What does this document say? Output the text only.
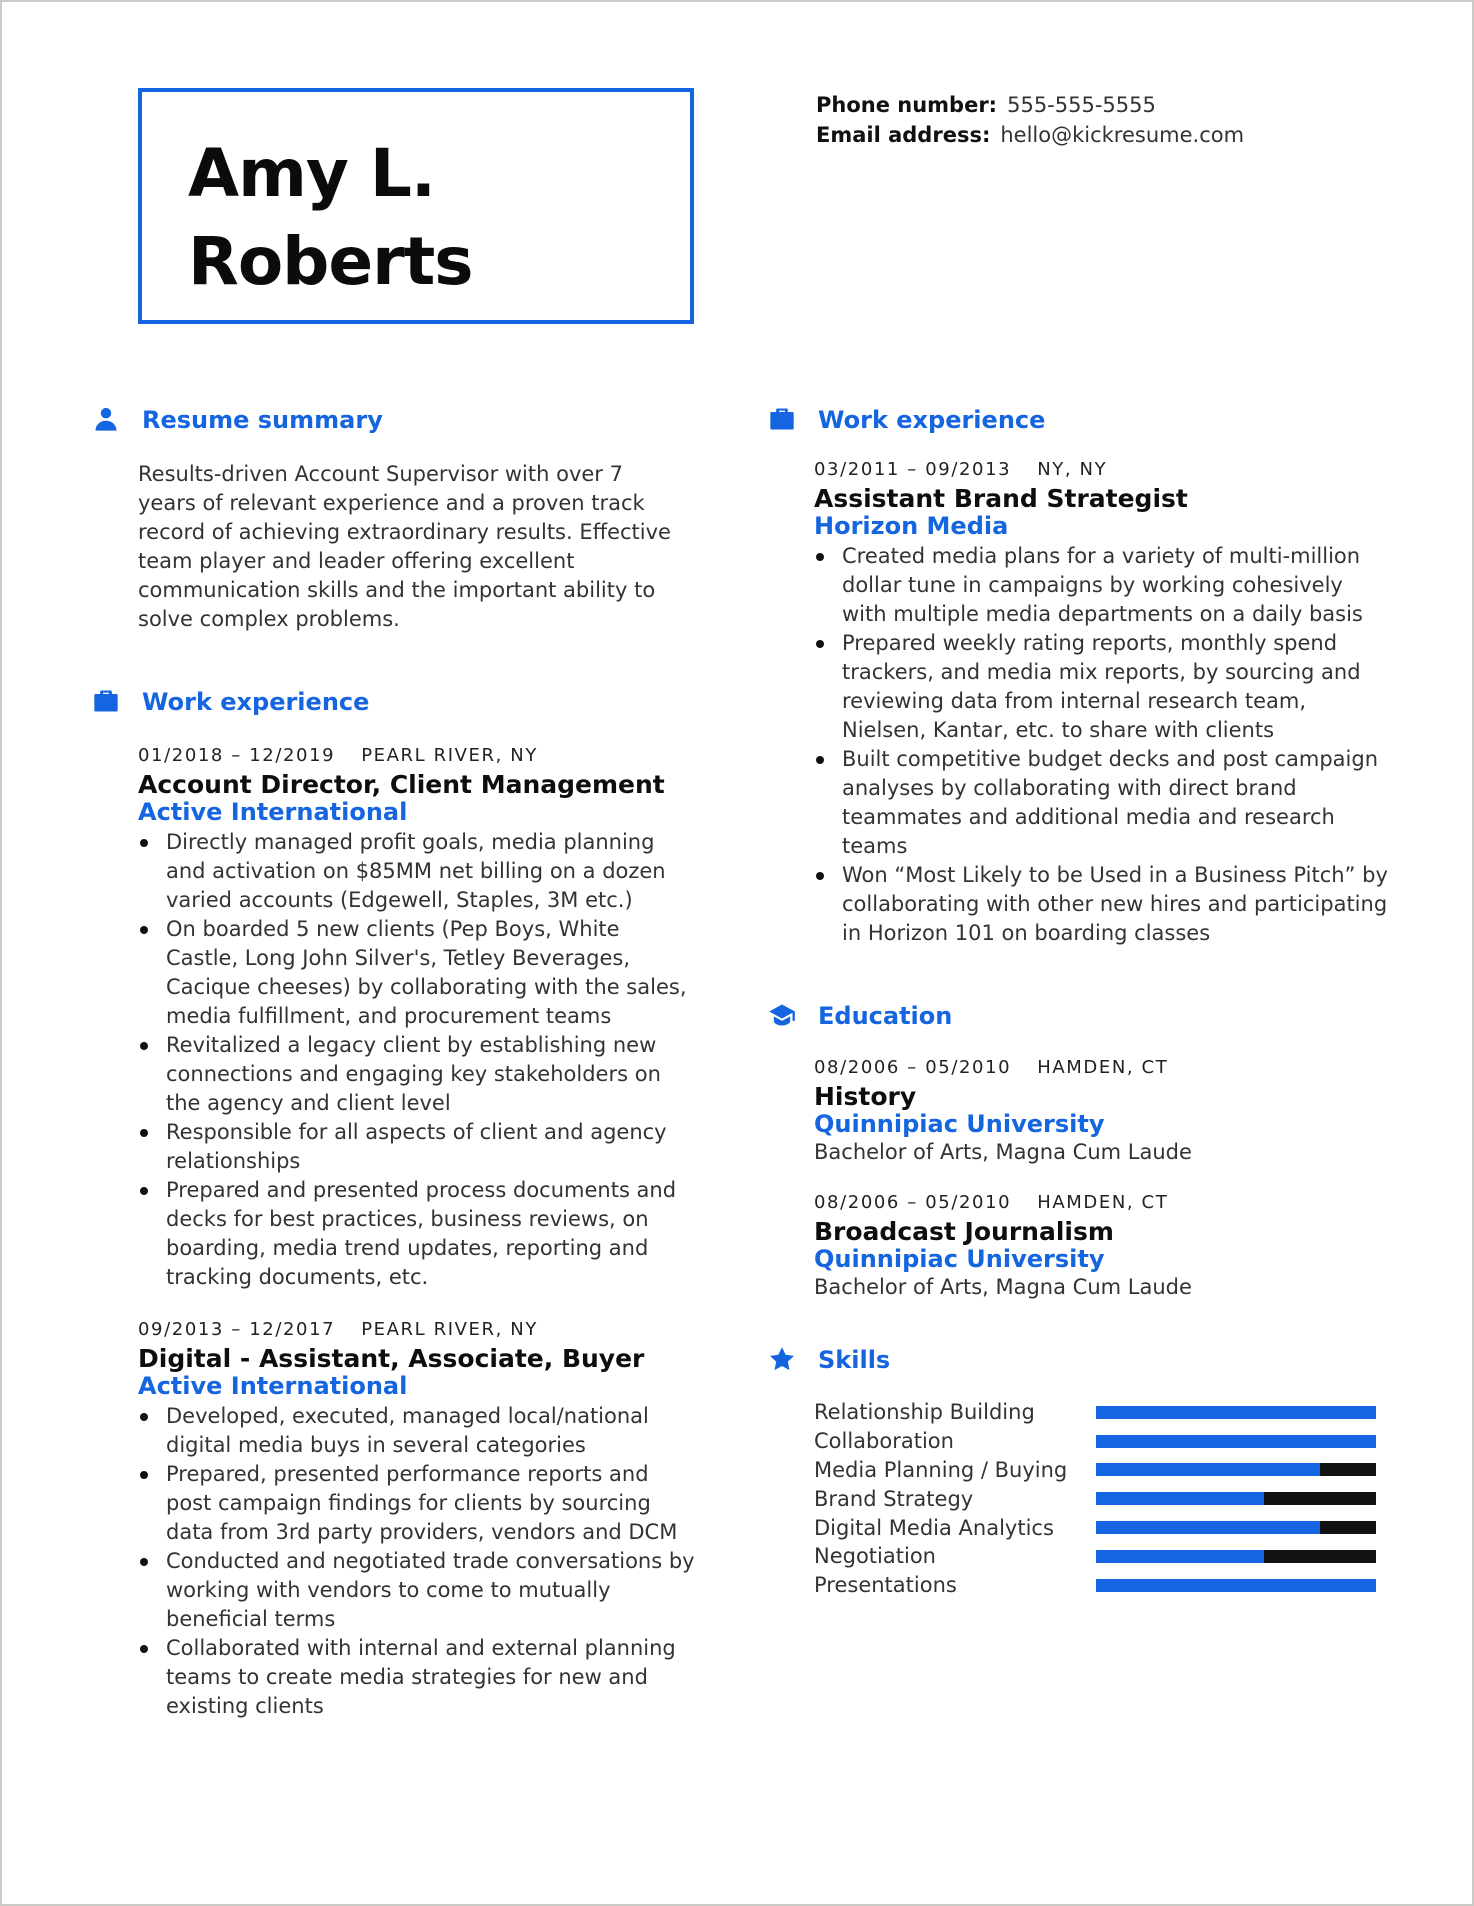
Amy L.
Roberts
Phone number: 555-555-5555
Email address: hello@kickresume.com
Resume summary
Results-driven Account Supervisor with over 7 years of relevant experience and a proven track record of achieving extraordinary results. Effective team player and leader offering excellent communication skills and the important ability to solve complex problems.
Work experience
01/2018 – 12/2019 PEARL RIVER, NY
Account Director, Client Management
Active International
Directly managed profit goals, media planning and activation on $85MM net billing on a dozen varied accounts (Edgewell, Staples, 3M etc.)
On boarded 5 new clients (Pep Boys, White Castle, Long John Silver's, Tetley Beverages, Cacique cheeses) by collaborating with the sales, media fulfillment, and procurement teams
Revitalized a legacy client by establishing new connections and engaging key stakeholders on the agency and client level
Responsible for all aspects of client and agency relationships
Prepared and presented process documents and decks for best practices, business reviews, on boarding, media trend updates, reporting and tracking documents, etc.
09/2013 – 12/2017 PEARL RIVER, NY
Digital - Assistant, Associate, Buyer
Active International
Developed, executed, managed local/national digital media buys in several categories
Prepared, presented performance reports and post campaign findings for clients by sourcing data from 3rd party providers, vendors and DCM
Conducted and negotiated trade conversations by working with vendors to come to mutually beneficial terms
Collaborated with internal and external planning teams to create media strategies for new and existing clients
Work experience
03/2011 – 09/2013 NY, NY
Assistant Brand Strategist
Horizon Media
Created media plans for a variety of multi-million dollar tune in campaigns by working cohesively with multiple media departments on a daily basis
Prepared weekly rating reports, monthly spend trackers, and media mix reports, by sourcing and reviewing data from internal research team, Nielsen, Kantar, etc. to share with clients
Built competitive budget decks and post campaign analyses by collaborating with direct brand teammates and additional media and research teams
Won “Most Likely to be Used in a Business Pitch” by collaborating with other new hires and participating in Horizon 101 on boarding classes
Education
08/2006 – 05/2010 HAMDEN, CT
History
Quinnipiac University
Bachelor of Arts, Magna Cum Laude
08/2006 – 05/2010 HAMDEN, CT
Broadcast Journalism
Quinnipiac University
Bachelor of Arts, Magna Cum Laude
Skills
Relationship Building
Collaboration
Media Planning / Buying
Brand Strategy
Digital Media Analytics
Negotiation
Presentations
